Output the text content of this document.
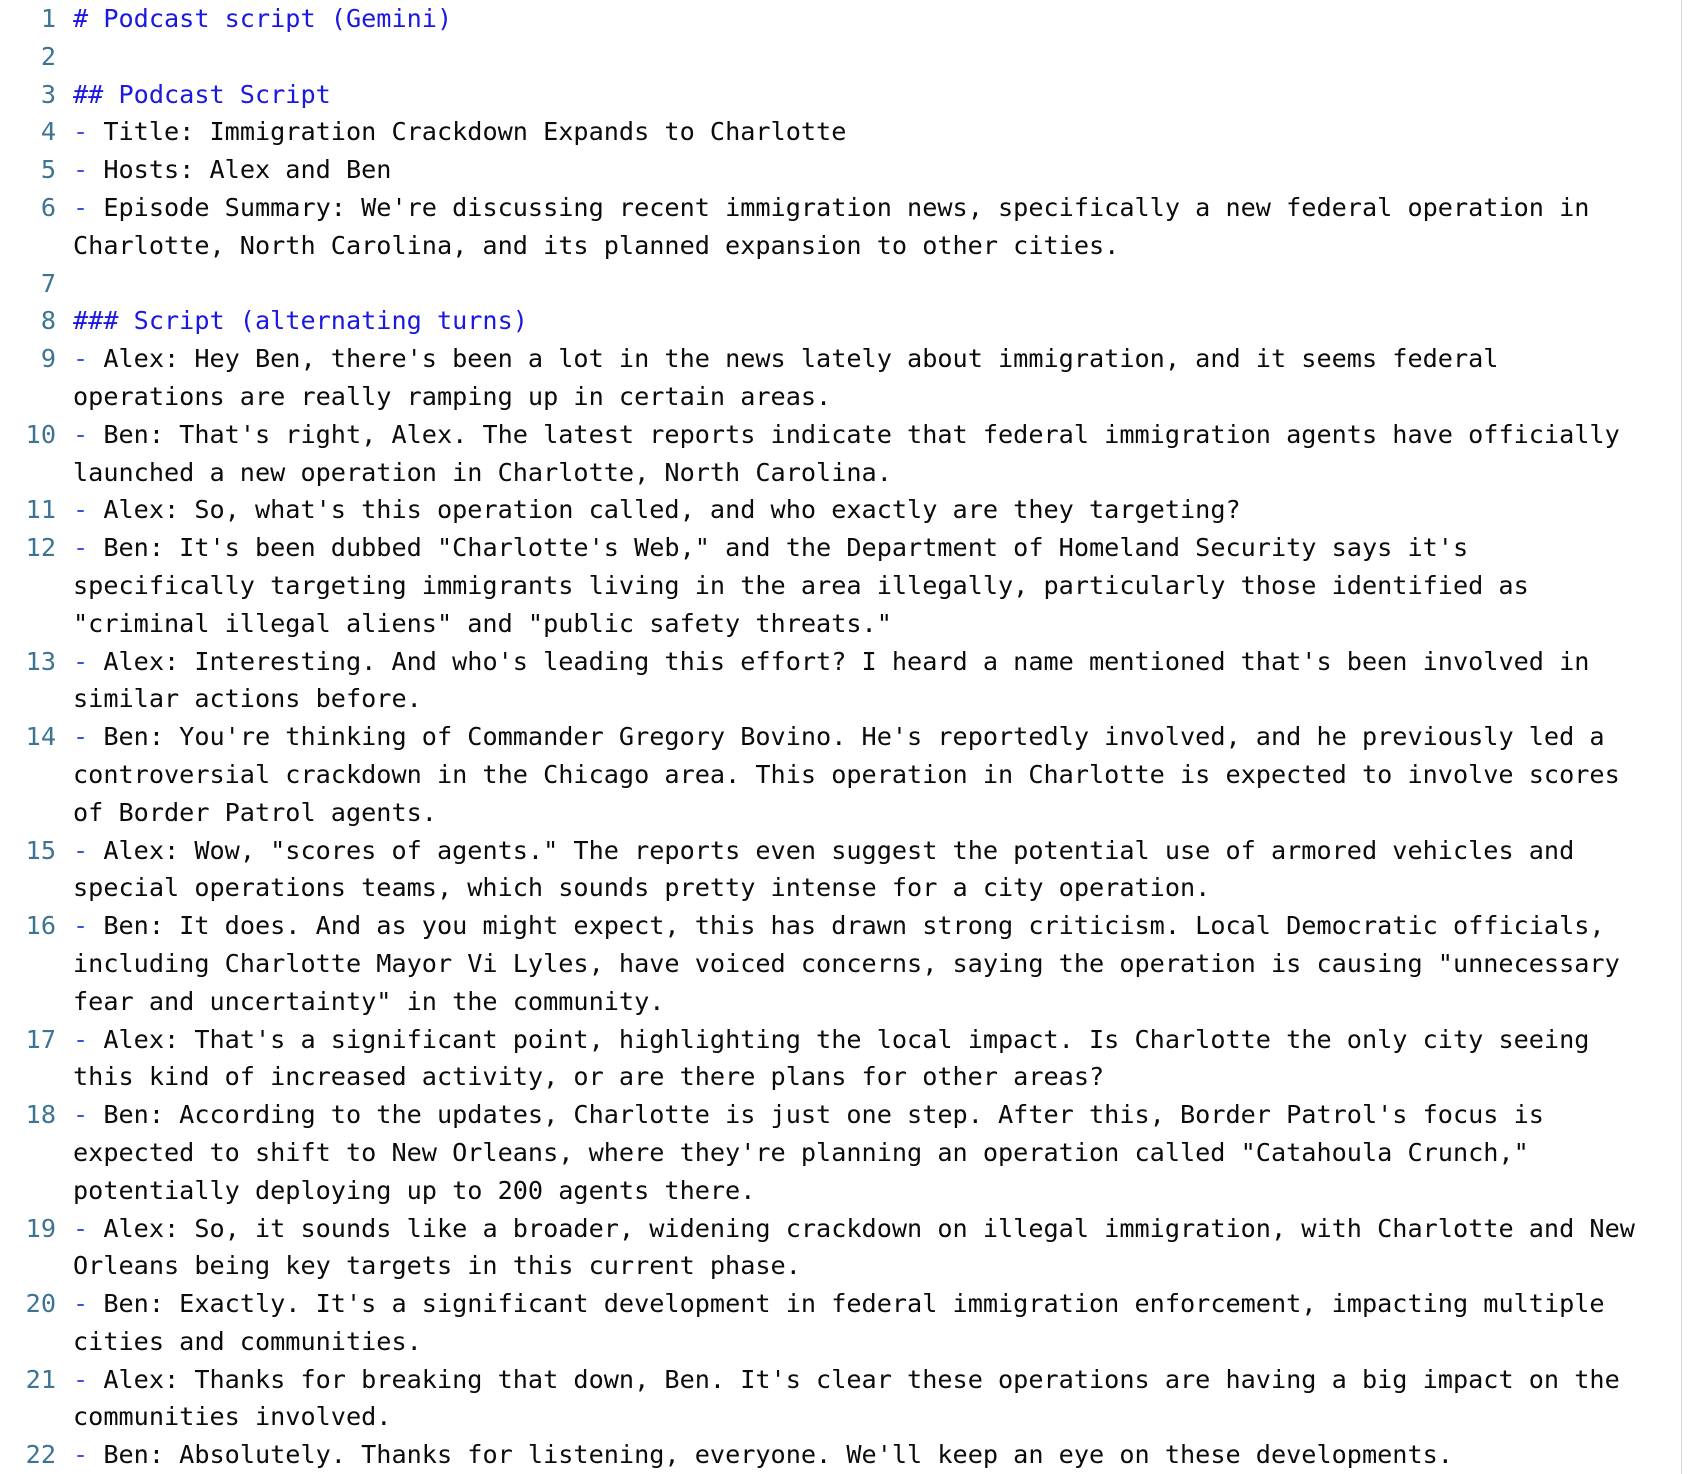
1 # Podcast script (Gemini)
2
3 ## Podcast Script
4 - Title: Immigration Crackdown Expands to Charlotte
5 - Hosts: Alex and Ben
6 - Episode Summary: We're discussing recent immigration news, specifically a new federal operation in
Charlotte, North Carolina, and its planned expansion to other cities.
7
8 ### Script (alternating turns)
9 - Alex: Hey Ben, there's been a lot in the news lately about immigration, and it seems federal
operations are really ramping up in certain areas.
10 - Ben: That's right, Alex. The latest reports indicate that federal immigration agents have officially
launched a new operation in Charlotte, North Carolina.
11 - Alex: So, what's this operation called, and who exactly are they targeting?
12 - Ben: It's been dubbed "Charlotte's Web," and the Department of Homeland Security says it's
specifically targeting immigrants living in the area illegally, particularly those identified as
"criminal illegal aliens" and "public safety threats."
13 - Alex: Interesting. And who's leading this effort? I heard a name mentioned that's been involved in
similar actions before.
14 - Ben: You're thinking of Commander Gregory Bovino. He's reportedly involved, and he previously led a
controversial crackdown in the Chicago area. This operation in Charlotte is expected to involve scores
of Border Patrol agents.
15 - Alex: Wow, "scores of agents." The reports even suggest the potential use of armored vehicles and
special operations teams, which sounds pretty intense for a city operation.
16 - Ben: It does. And as you might expect, this has drawn strong criticism. Local Democratic officials,
including Charlotte Mayor Vi Lyles, have voiced concerns, saying the operation is causing "unnecessary
fear and uncertainty" in the community.
17 - Alex: That's a significant point, highlighting the local impact. Is Charlotte the only city seeing
this kind of increased activity, or are there plans for other areas?
18 - Ben: According to the updates, Charlotte is just one step. After this, Border Patrol's focus is
expected to shift to New Orleans, where they're planning an operation called "Catahoula Crunch,"
potentially deploying up to 200 agents there.
19 - Alex: So, it sounds like a broader, widening crackdown on illegal immigration, with Charlotte and New
Orleans being key targets in this current phase.
20 - Ben: Exactly. It's a significant development in federal immigration enforcement, impacting multiple
cities and communities.
21 - Alex: Thanks for breaking that down, Ben. It's clear these operations are having a big impact on the
communities involved.
22 - Ben: Absolutely. Thanks for listening, everyone. We'll keep an eye on these developments.
